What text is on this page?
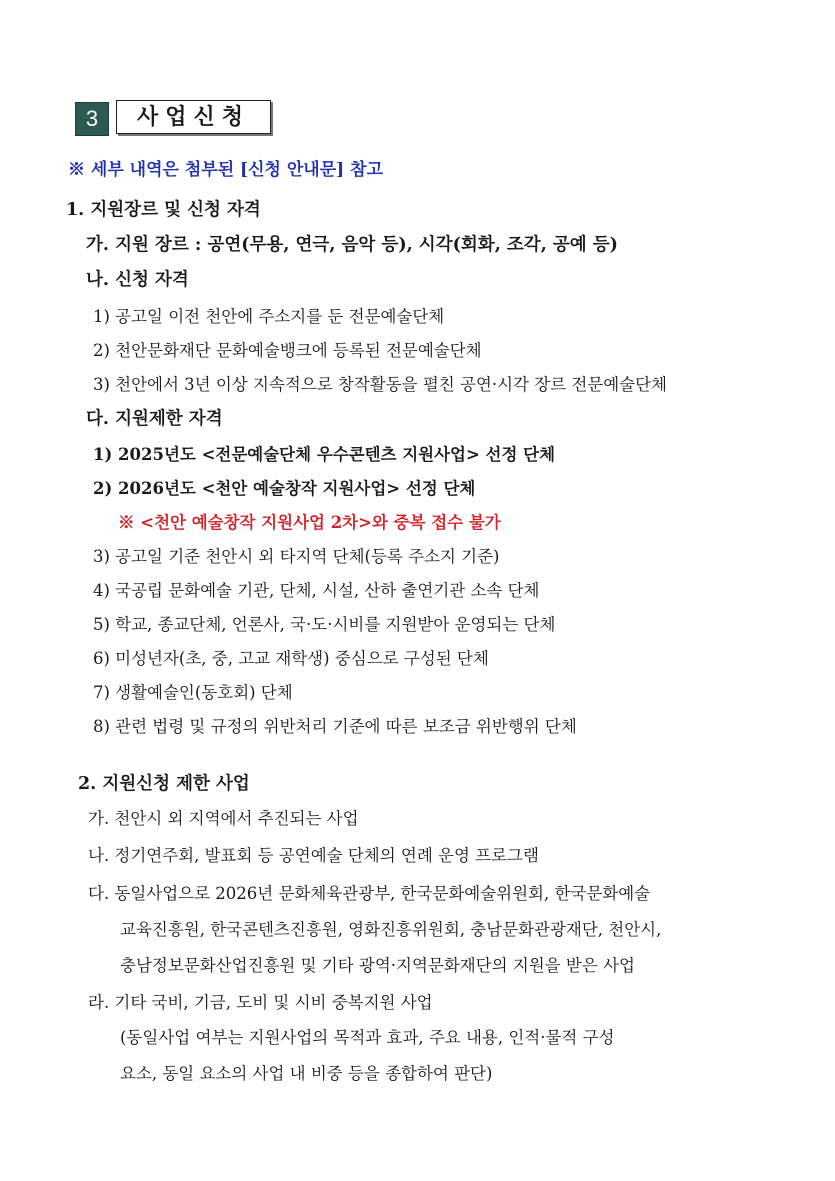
3	사업신청
※ 세부 내역은 첨부된 [신청 안내문] 참고
1. 지원장르 및 신청 자격
가. 지원 장르 : 공연(무용, 연극, 음악 등), 시각(회화, 조각, 공예 등)
나. 신청 자격
1) 공고일 이전 천안에 주소지를 둔 전문예술단체
2) 천안문화재단 문화예술뱅크에 등록된 전문예술단체
3) 천안에서 3년 이상 지속적으로 창작활동을 펼친 공연·시각 장르 전문예술단체
다. 지원제한 자격
1) 2025년도 <전문예술단체 우수콘텐츠 지원사업> 선정 단체
2) 2026년도 <천안 예술창작 지원사업> 선정 단체
※ <천안 예술창작 지원사업 2차>와 중복 접수 불가
3) 공고일 기준 천안시 외 타지역 단체(등록 주소지 기준)
4) 국공립 문화예술 기관, 단체, 시설, 산하 출연기관 소속 단체
5) 학교, 종교단체, 언론사, 국·도·시비를 지원받아 운영되는 단체
6) 미성년자(초, 중, 고교 재학생) 중심으로 구성된 단체
7) 생활예술인(동호회) 단체
8) 관련 법령 및 규정의 위반처리 기준에 따른 보조금 위반행위 단체
2. 지원신청 제한 사업
가. 천안시 외 지역에서 추진되는 사업
나. 정기연주회, 발표회 등 공연예술 단체의 연례 운영 프로그램
다. 동일사업으로 2026년 문화체육관광부, 한국문화예술위원회, 한국문화예술
교육진흥원, 한국콘텐츠진흥원, 영화진흥위원회, 충남문화관광재단, 천안시,
충남정보문화산업진흥원 및 기타 광역·지역문화재단의 지원을 받은 사업
라. 기타 국비, 기금, 도비 및 시비 중복지원 사업
(동일사업 여부는 지원사업의 목적과 효과, 주요 내용, 인적·물적 구성
요소, 동일 요소의 사업 내 비중 등을 종합하여 판단)
